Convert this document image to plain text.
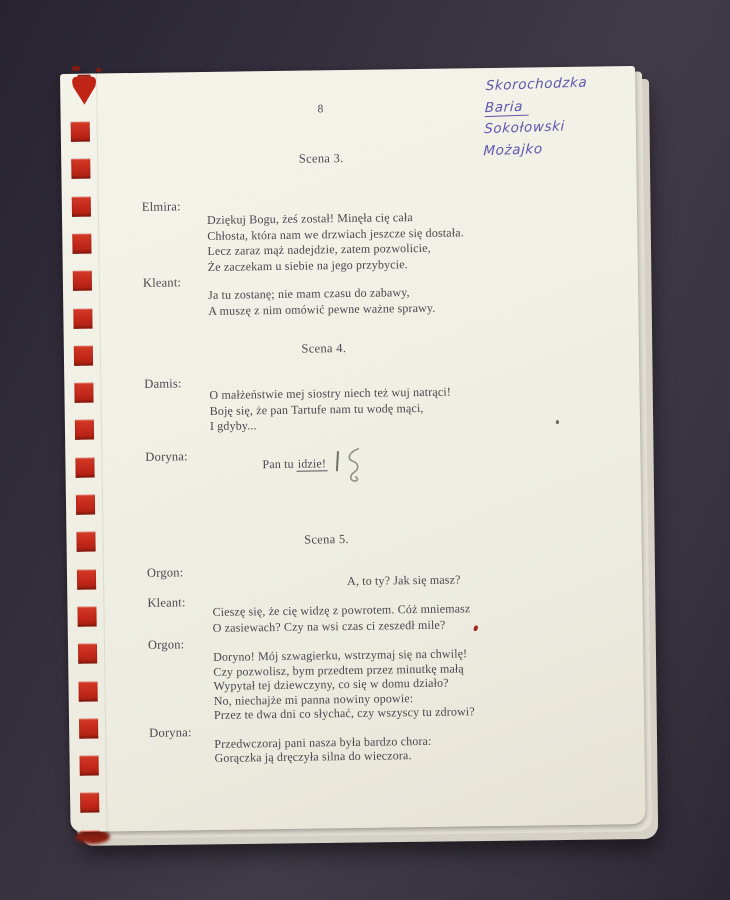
8
Skorochodzka
Baria
Sokołowski
Możajko
Scena 3.
Elmira:
Dziękuj Bogu, żeś został! Minęła cię cała
Chłosta, która nam we drzwiach jeszcze się dostała.
Lecz zaraz mąż nadejdzie, zatem pozwolicie,
Że zaczekam u siebie na jego przybycie.
Kleant:
Ja tu zostanę; nie mam czasu do zabawy,
A muszę z nim omówić pewne ważne sprawy.
Scena 4.
Damis:
O małżeństwie mej siostry niech też wuj natrąci!
Boję się, że pan Tartufe nam tu wodę mąci,
I gdyby...
Doryna:
Pan tu idzie!
Scena 5.
Orgon:	A, to ty? Jak się masz?
Kleant: Cieszę się, że cię widzę z powrotem. Cóż mniemasz
O zasiewach? Czy na wsi czas ci zeszedł mile?
Orgon:
Doryno! Mój szwagierku, wstrzymaj się na chwilę!
Czy pozwolisz, bym przedtem przez minutkę małą
Wypytał tej dziewczyny, co się w domu działo?
No, niechajże mi panna nowiny opowie:
Przez te dwa dni co słychać, czy wszyscy tu zdrowi?
Doryna:
Przedwczoraj pani nasza była bardzo chora:
Gorączka ją dręczyła silna do wieczora.
